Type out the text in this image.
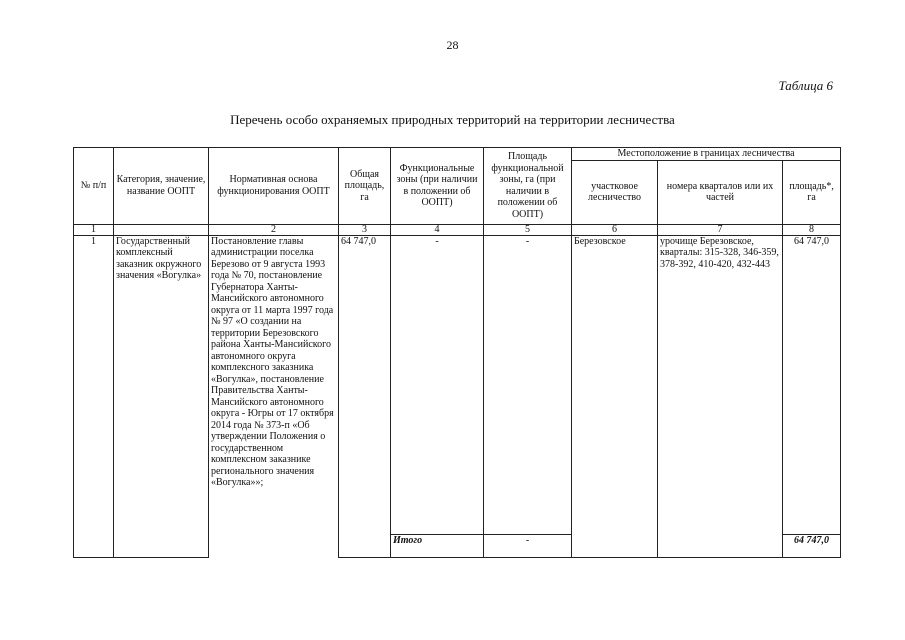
28
Таблица 6
Перечень особо охраняемых природных территорий на территории лесничества
№ п/п	Категория, значение, название ООПТ	Нормативная основа функционирования ООПТ	Общая площадь, га	Функциональные зоны (при наличии в положении об ООПТ)	Площадь функциональной зоны, га (при наличии в положении об ООПТ)	Местоположение в границах лесничества		
						участковое лесничество	номера кварталов или их частей	площадь*, га
1		2	3	4	5	6	7	8
1	Государственный комплексный заказник окружного значения «Вогулка»	Постановление главы администрации поселка Березово от 9 августа 1993 года № 70, постановление Губернатора Ханты-Мансийского автономного округа от 11 марта 1997 года № 97 «О создании на территории Березовского района Ханты-Мансийского автономного округа комплексного заказника «Вогулка», постановление Правительства Ханты-Мансийского автономного округа - Югры от 17 октября 2014 года № 373-п «Об утверждении Положения о государственном комплексном заказнике регионального значения «Вогулка»»;	64 747,0	-	-	Березовское	урочище Березовское, кварталы: 315-328, 346-359, 378-392, 410-420, 432-443	64 747,0
				Итого	-			64 747,0
